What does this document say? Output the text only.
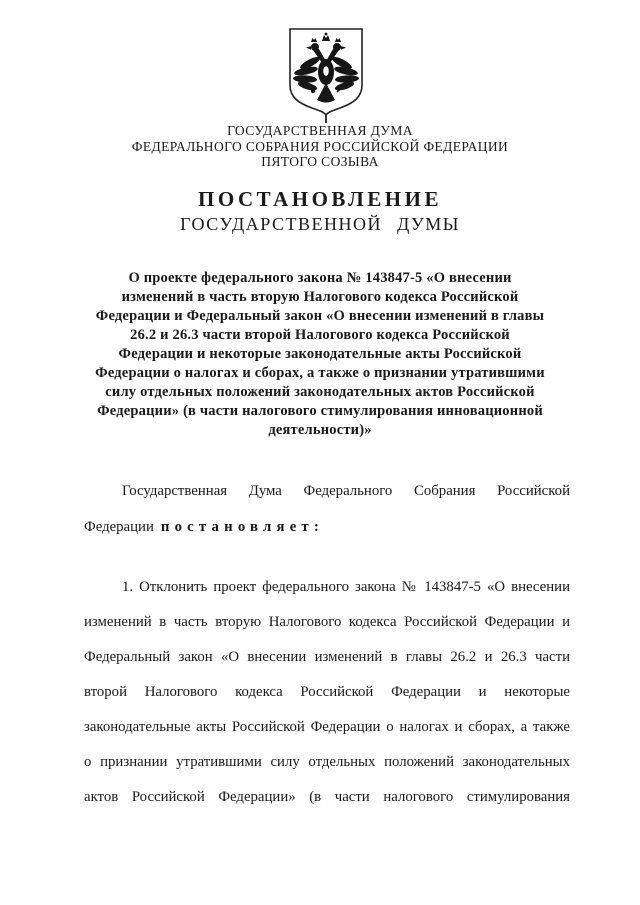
ГОСУДАРСТВЕННАЯ ДУМА
ФЕДЕРАЛЬНОГО СОБРАНИЯ РОССИЙСКОЙ ФЕДЕРАЦИИ
ПЯТОГО СОЗЫВА
ПОСТАНОВЛЕНИЕ
ГОСУДАРСТВЕННОЙ ДУМЫ
О проекте федерального закона № 143847-5 «О внесении
изменений в часть вторую Налогового кодекса Российской
Федерации и Федеральный закон «О внесении изменений в главы
26.2 и 26.3 части второй Налогового кодекса Российской
Федерации и некоторые законодательные акты Российской
Федерации о налогах и сборах, а также о признании утратившими
силу отдельных положений законодательных актов Российской
Федерации» (в части налогового стимулирования инновационной
деятельности)»
Государственная Дума Федерального Собрания Российской
Федерации постановляет:
1. Отклонить проект федерального закона № 143847-5 «О внесении
изменений в часть вторую Налогового кодекса Российской Федерации и
Федеральный закон «О внесении изменений в главы 26.2 и 26.3 части
второй Налогового кодекса Российской Федерации и некоторые
законодательные акты Российской Федерации о налогах и сборах, а также
о признании утратившими силу отдельных положений законодательных
актов Российской Федерации» (в части налогового стимулирования
